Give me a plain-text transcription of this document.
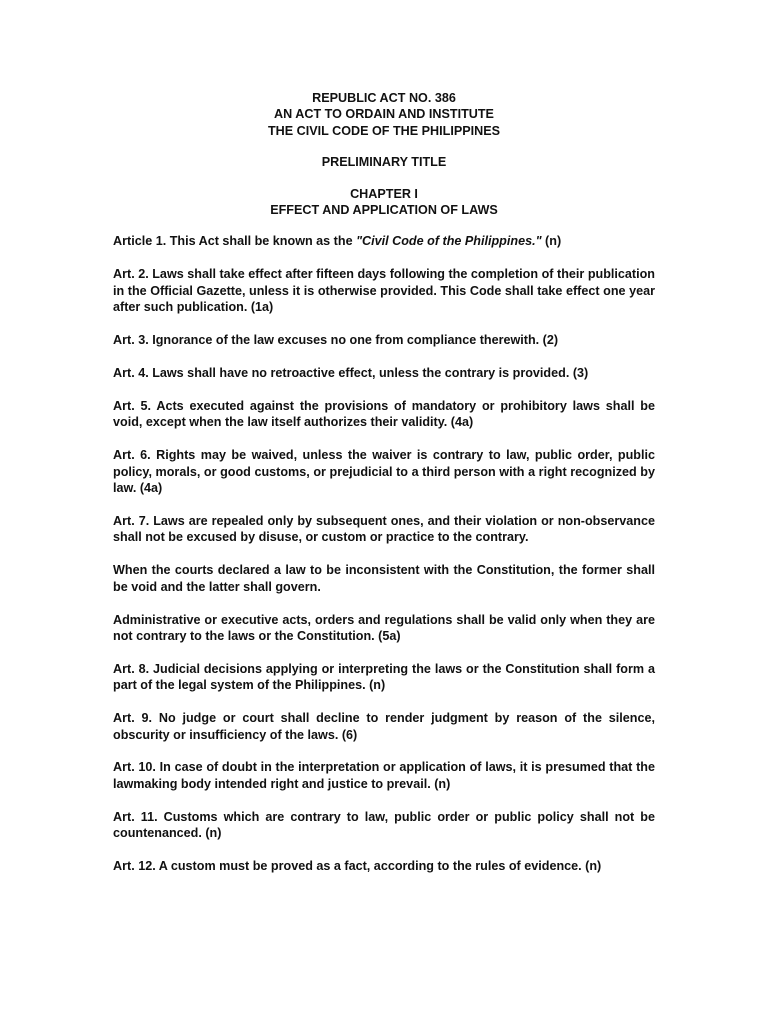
REPUBLIC ACT NO. 386

AN ACT TO ORDAIN AND INSTITUTE

THE CIVIL CODE OF THE PHILIPPINES

PRELIMINARY TITLE

CHAPTER I

EFFECT AND APPLICATION OF LAWS

Article 1. This Act shall be known as the "Civil Code of the Philippines." (n)

Art. 2. Laws shall take effect after fifteen days following the completion of their publication in the Official Gazette, unless it is otherwise provided. This Code shall take effect one year after such publication. (1a)

Art. 3. Ignorance of the law excuses no one from compliance therewith. (2)

Art. 4. Laws shall have no retroactive effect, unless the contrary is provided. (3)

Art. 5. Acts executed against the provisions of mandatory or prohibitory laws shall be void, except when the law itself authorizes their validity. (4a)

Art. 6. Rights may be waived, unless the waiver is contrary to law, public order, public policy, morals, or good customs, or prejudicial to a third person with a right recognized by law. (4a)

Art. 7. Laws are repealed only by subsequent ones, and their violation or non-observance shall not be excused by disuse, or custom or practice to the contrary.

When the courts declared a law to be inconsistent with the Constitution, the former shall be void and the latter shall govern.

Administrative or executive acts, orders and regulations shall be valid only when they are not contrary to the laws or the Constitution. (5a)

Art. 8. Judicial decisions applying or interpreting the laws or the Constitution shall form a part of the legal system of the Philippines. (n)

Art. 9. No judge or court shall decline to render judgment by reason of the silence, obscurity or insufficiency of the laws. (6)

Art. 10. In case of doubt in the interpretation or application of laws, it is presumed that the lawmaking body intended right and justice to prevail. (n)

Art. 11. Customs which are contrary to law, public order or public policy shall not be countenanced. (n)

Art. 12. A custom must be proved as a fact, according to the rules of evidence. (n)
